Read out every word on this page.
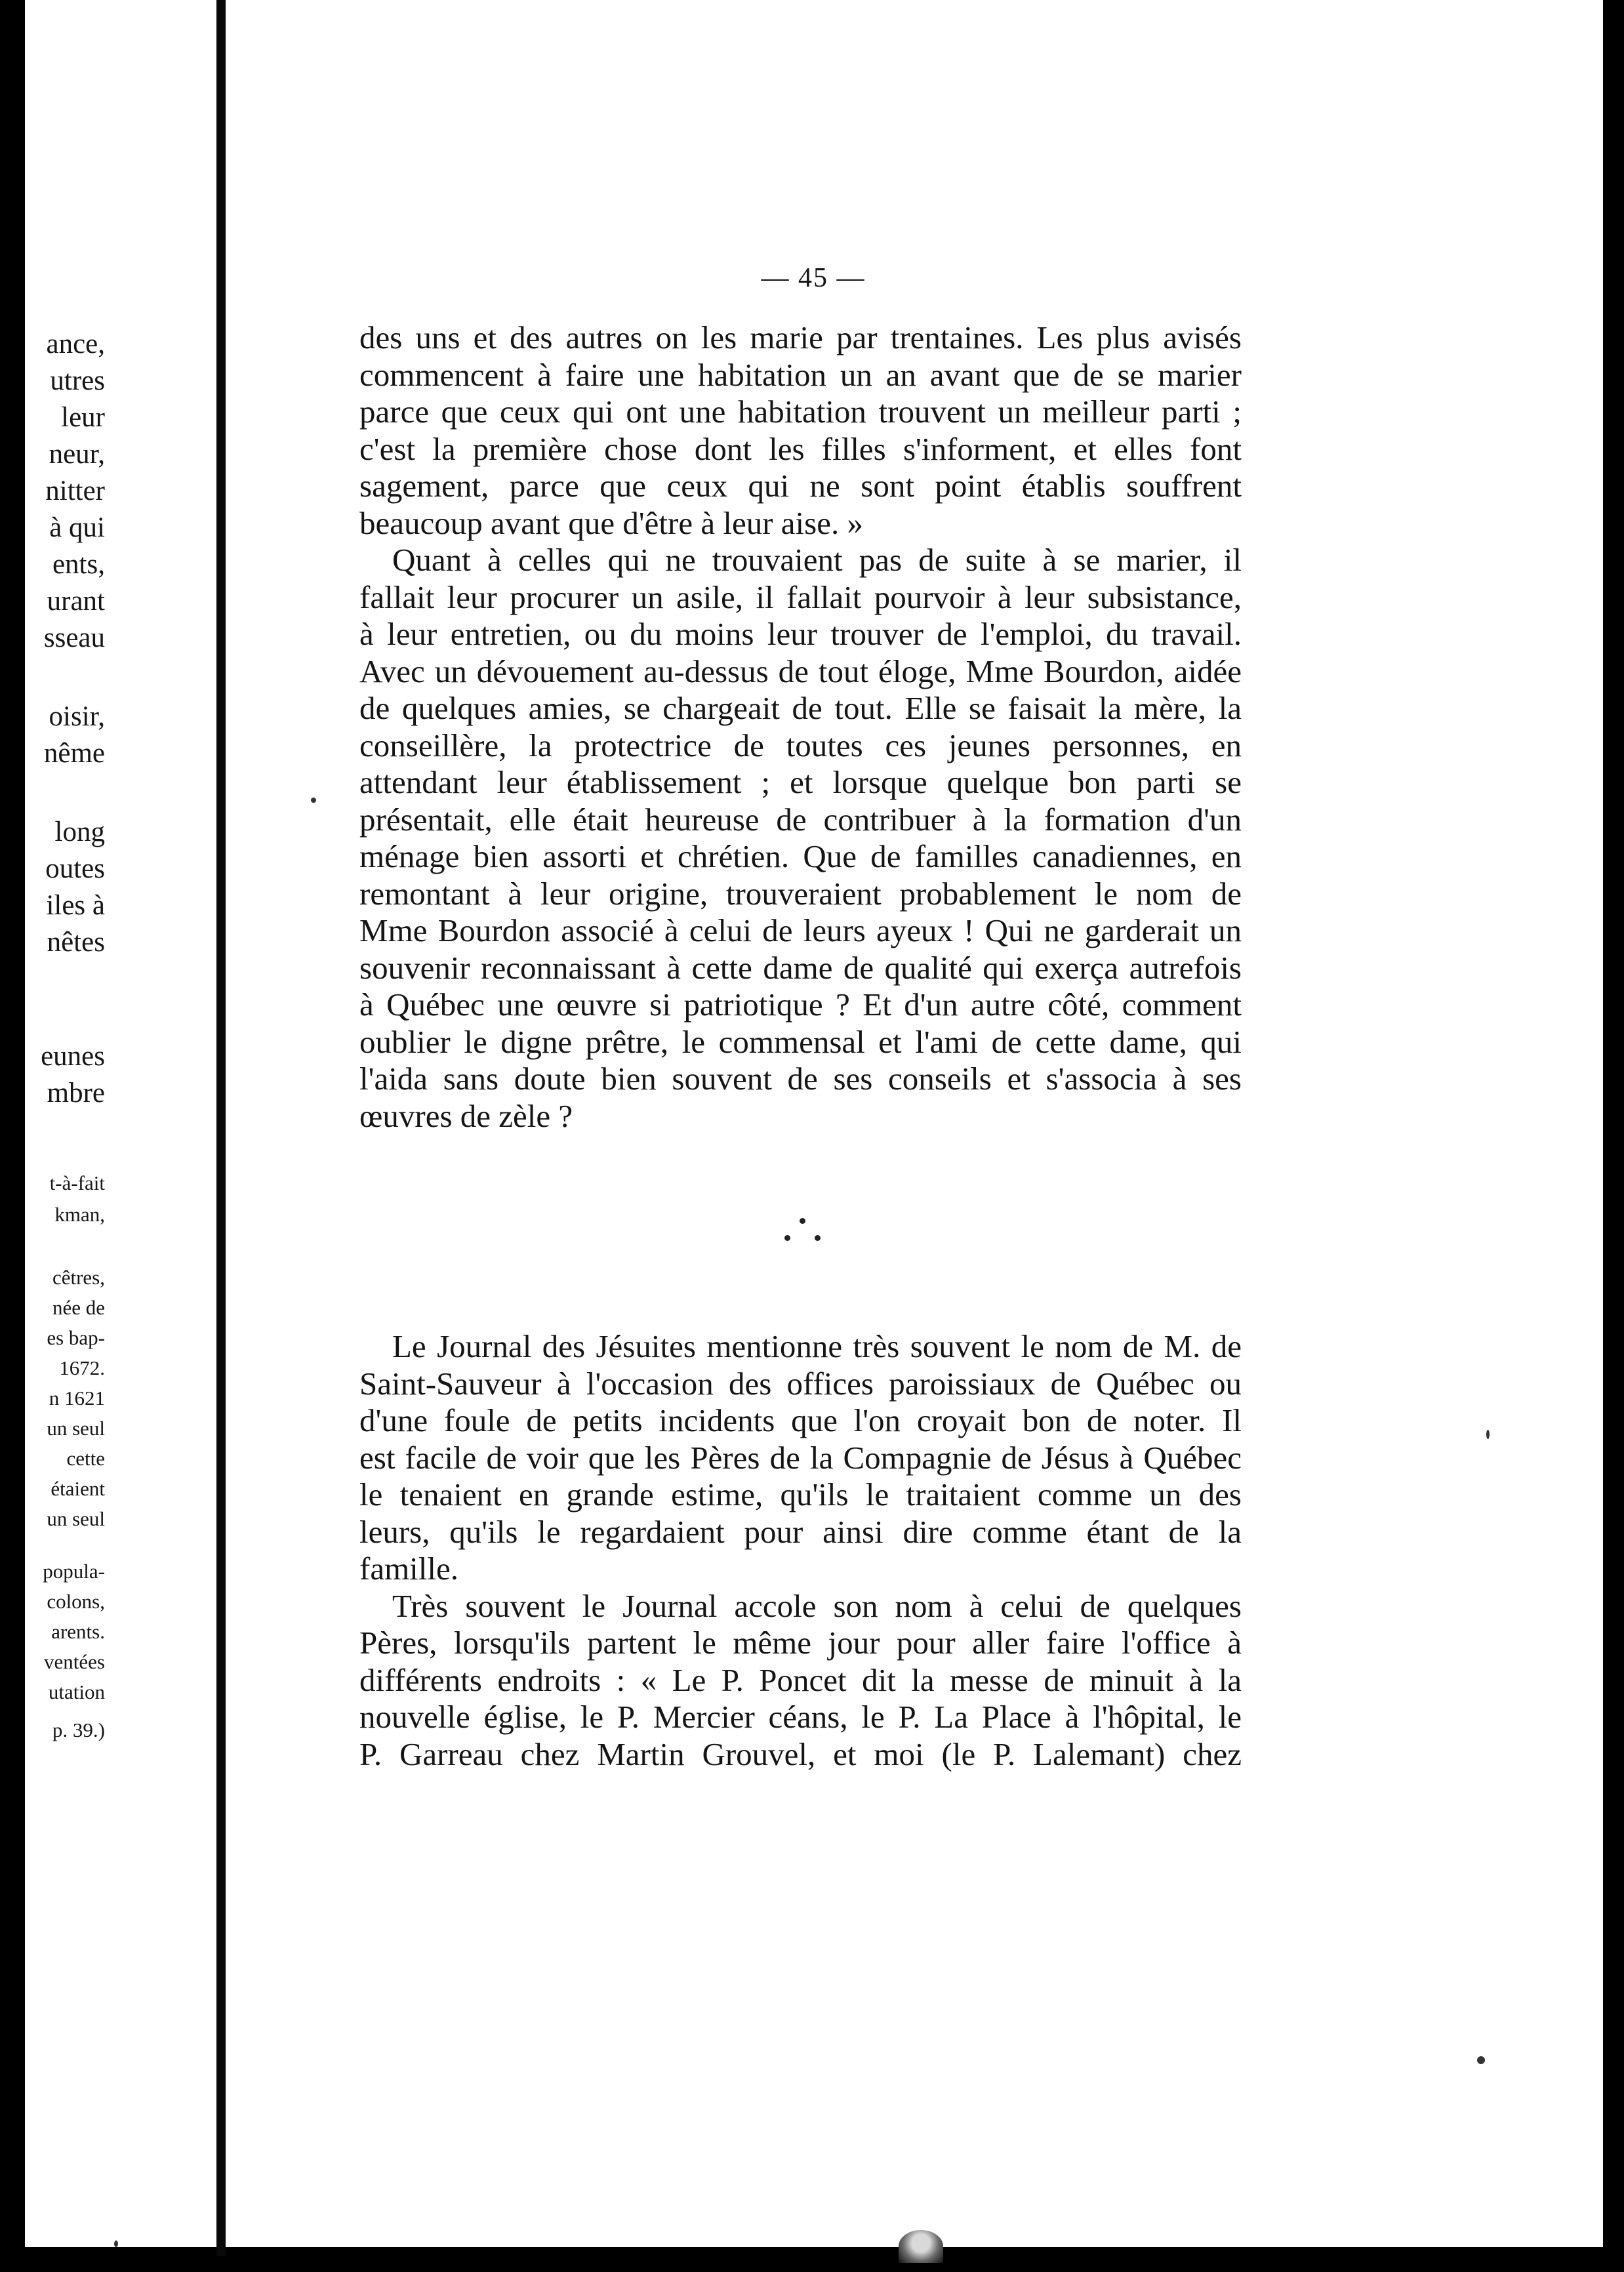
ance,
utres
leur
neur,
nitter
à qui
ents,
urant
sseau
oisir,
nême
long
outes
iles à
nêtes
eunes
mbre
t-à-fait
kman,
cêtres,
née de
es bap-
1672.
n 1621
un seul
cette
étaient
un seul
popula-
colons,
arents.
ventées
utation
p. 39.)
— 45 —
des uns et des autres on les marie par trentaines. Les plus avisés
commencent à faire une habitation un an avant que de se marier
parce que ceux qui ont une habitation trouvent un meilleur parti ;
c'est la première chose dont les filles s'informent, et elles font
sagement, parce que ceux qui ne sont point établis souffrent
beaucoup avant que d'être à leur aise. »
Quant à celles qui ne trouvaient pas de suite à se marier, il
fallait leur procurer un asile, il fallait pourvoir à leur subsistance,
à leur entretien, ou du moins leur trouver de l'emploi, du travail.
Avec un dévouement au-dessus de tout éloge, Mme Bourdon, aidée
de quelques amies, se chargeait de tout. Elle se faisait la mère, la
conseillère, la protectrice de toutes ces jeunes personnes, en
attendant leur établissement ; et lorsque quelque bon parti se
présentait, elle était heureuse de contribuer à la formation d'un
ménage bien assorti et chrétien. Que de familles canadiennes, en
remontant à leur origine, trouveraient probablement le nom de
Mme Bourdon associé à celui de leurs ayeux ! Qui ne garderait un
souvenir reconnaissant à cette dame de qualité qui exerça autrefois
à Québec une œuvre si patriotique ? Et d'un autre côté, comment
oublier le digne prêtre, le commensal et l'ami de cette dame, qui
l'aida sans doute bien souvent de ses conseils et s'associa à ses
œuvres de zèle ?
Le Journal des Jésuites mentionne très souvent le nom de M. de
Saint-Sauveur à l'occasion des offices paroissiaux de Québec ou
d'une foule de petits incidents que l'on croyait bon de noter. Il
est facile de voir que les Pères de la Compagnie de Jésus à Québec
le tenaient en grande estime, qu'ils le traitaient comme un des
leurs, qu'ils le regardaient pour ainsi dire comme étant de la
famille.
Très souvent le Journal accole son nom à celui de quelques
Pères, lorsqu'ils partent le même jour pour aller faire l'office à
différents endroits : « Le P. Poncet dit la messe de minuit à la
nouvelle église, le P. Mercier céans, le P. La Place à l'hôpital, le
P. Garreau chez Martin Grouvel, et moi (le P. Lalemant) chez
